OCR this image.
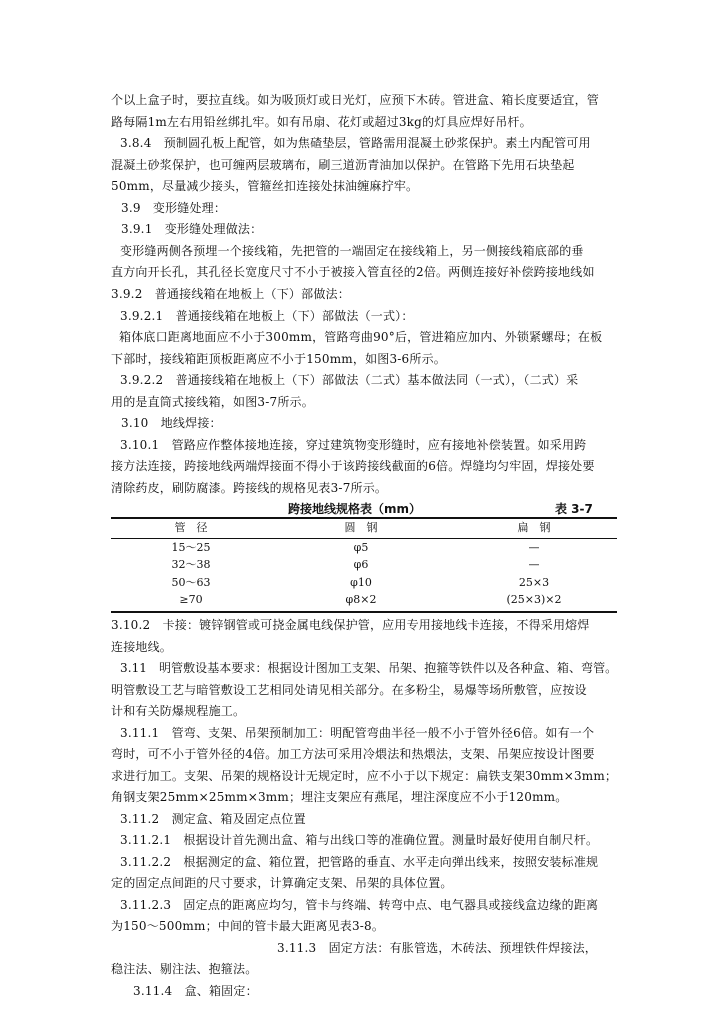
个以上盒子时，要拉直线。如为吸顶灯或日光灯，应预下木砖。管进盒、箱长度要适宜，管
路每隔1m左右用铅丝绑扎牢。如有吊扇、花灯或超过3kg的灯具应焊好吊杆。
3.8.4　预制圆孔板上配管，如为焦碴垫层，管路需用混凝土砂浆保护。素土内配管可用
混凝土砂浆保护，也可缠两层玻璃布，刷三道沥青油加以保护。在管路下先用石块垫起
50mm，尽量减少接头，管箍丝扣连接处抹油缠麻拧牢。
3.9　变形缝处理：
3.9.1　变形缝处理做法：
变形缝两侧各预埋一个接线箱，先把管的一端固定在接线箱上，另一侧接线箱底部的垂
直方向开长孔，其孔径长宽度尺寸不小于被接入管直径的2倍。两侧连接好补偿跨接地线如
3.9.2　普通接线箱在地板上（下）部做法：
3.9.2.1　普通接线箱在地板上（下）部做法（一式）：
箱体底口距离地面应不小于300mm，管路弯曲90°后，管进箱应加内、外锁紧螺母；在板
下部时，接线箱距顶板距离应不小于150mm，如图3-6所示。
3.9.2.2　普通接线箱在地板上（下）部做法（二式）基本做法同（一式），（二式）采
用的是直筒式接线箱，如图3-7所示。
3.10　地线焊接：
3.10.1　管路应作整体接地连接，穿过建筑物变形缝时，应有接地补偿装置。如采用跨
接方法连接，跨接地线两端焊接面不得小于该跨接线截面的6倍。焊缝均匀牢固，焊接处要
清除药皮，刷防腐漆。跨接线的规格见表3-7所示。
跨接地线规格表（mm）	表 3-7
管　径	圆　钢	扁　钢
15～25	φ5	—
32～38	φ6	—
50～63	φ10	25×3
≥70	φ8×2	(25×3)×2
3.10.2　卡接：镀锌钢管或可挠金属电线保护管，应用专用接地线卡连接，不得采用熔焊
连接地线。
3.11　明管敷设基本要求：根据设计图加工支架、吊架、抱箍等铁件以及各种盒、箱、弯管。
明管敷设工艺与暗管敷设工艺相同处请见相关部分。在多粉尘，易爆等场所敷管，应按设
计和有关防爆规程施工。
3.11.1　管弯、支架、吊架预制加工：明配管弯曲半径一般不小于管外径6倍。如有一个
弯时，可不小于管外径的4倍。加工方法可采用冷煨法和热煨法，支架、吊架应按设计图要
求进行加工。支架、吊架的规格设计无规定时，应不小于以下规定：扁铁支架30mm×3mm；
角钢支架25mm×25mm×3mm；埋注支架应有燕尾，埋注深度应不小于120mm。
3.11.2　测定盒、箱及固定点位置
3.11.2.1　根据设计首先测出盒、箱与出线口等的准确位置。测量时最好使用自制尺杆。
3.11.2.2　根据测定的盒、箱位置，把管路的垂直、水平走向弹出线来，按照安装标准规
定的固定点间距的尺寸要求，计算确定支架、吊架的具体位置。
3.11.2.3　固定点的距离应均匀，管卡与终端、转弯中点、电气器具或接线盒边缘的距离
为150～500mm；中间的管卡最大距离见表3-8。
3.11.3　固定方法：有胀管选，木砖法、预埋铁件焊接法，
稳注法、剔注法、抱箍法。
3.11.4　盒、箱固定：
